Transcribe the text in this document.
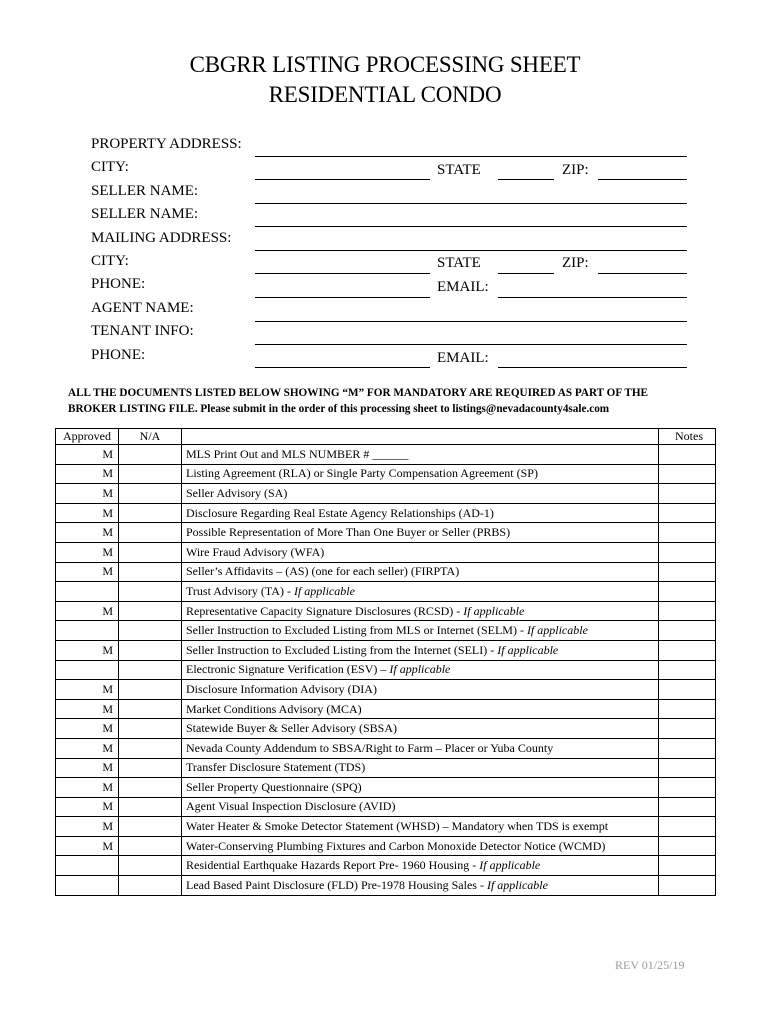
CBGRR LISTING PROCESSING SHEET
RESIDENTIAL CONDO
PROPERTY ADDRESS:
CITY:	STATE	ZIP:
SELLER NAME:
SELLER NAME:
MAILING ADDRESS:
CITY:	STATE	ZIP:
PHONE:	EMAIL:
AGENT NAME:
TENANT INFO:
PHONE:	EMAIL:
ALL THE DOCUMENTS LISTED BELOW SHOWING “M” FOR MANDATORY ARE REQUIRED AS PART OF THE
BROKER LISTING FILE. Please submit in the order of this processing sheet to listings@nevadacounty4sale.com
Approved	N/A		Notes
M		MLS Print Out and MLS NUMBER # ______	
M		Listing Agreement (RLA) or Single Party Compensation Agreement (SP)	
M		Seller Advisory (SA)	
M		Disclosure Regarding Real Estate Agency Relationships (AD-1)	
M		Possible Representation of More Than One Buyer or Seller (PRBS)	
M		Wire Fraud Advisory (WFA)	
M		Seller’s Affidavits – (AS) (one for each seller) (FIRPTA)	
		Trust Advisory (TA) - If applicable	
M		Representative Capacity Signature Disclosures (RCSD) - If applicable	
		Seller Instruction to Excluded Listing from MLS or Internet (SELM) - If applicable	
M		Seller Instruction to Excluded Listing from the Internet (SELI) - If applicable	
		Electronic Signature Verification (ESV) – If applicable	
M		Disclosure Information Advisory (DIA)	
M		Market Conditions Advisory (MCA)	
M		Statewide Buyer & Seller Advisory (SBSA)	
M		Nevada County Addendum to SBSA/Right to Farm – Placer or Yuba County	
M		Transfer Disclosure Statement (TDS)	
M		Seller Property Questionnaire (SPQ)	
M		Agent Visual Inspection Disclosure (AVID)	
M		Water Heater & Smoke Detector Statement (WHSD) – Mandatory when TDS is exempt	
M		Water-Conserving Plumbing Fixtures and Carbon Monoxide Detector Notice (WCMD)	
		Residential Earthquake Hazards Report Pre- 1960 Housing - If applicable	
		Lead Based Paint Disclosure (FLD) Pre-1978 Housing Sales - If applicable	
REV 01/25/19
